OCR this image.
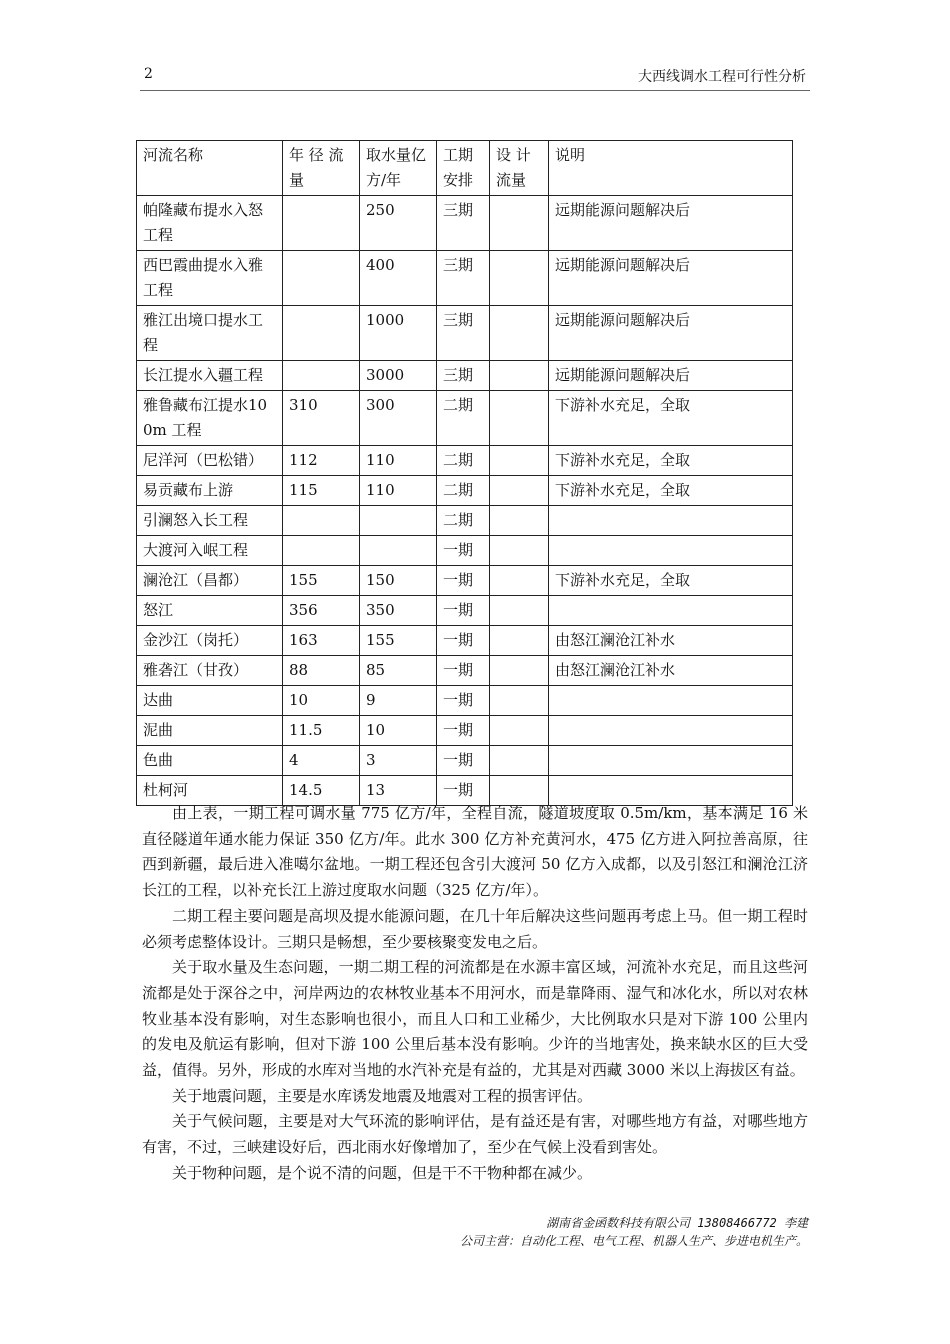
2	大西线调水工程可行性分析
河流名称	年 径 流量	取水量亿方/年	工期安排	设 计流量	说明
帕隆藏布提水入怒工程		250	三期		远期能源问题解决后
西巴霞曲提水入雅工程		400	三期		远期能源问题解决后
雅江出境口提水工程		1000	三期		远期能源问题解决后
长江提水入疆工程		3000	三期		远期能源问题解决后
雅鲁藏布江提水100m 工程	310	300	二期		下游补水充足，全取
尼洋河（巴松错）	112	110	二期		下游补水充足，全取
易贡藏布上游	115	110	二期		下游补水充足，全取
引澜怒入长工程			二期		
大渡河入岷工程			一期		
澜沧江（昌都）	155	150	一期		下游补水充足，全取
怒江	356	350	一期		
金沙江（岗托）	163	155	一期		由怒江澜沧江补水
雅砻江（甘孜）	88	85	一期		由怒江澜沧江补水
达曲	10	9	一期		
泥曲	11.5	10	一期		
色曲	4	3	一期		
杜柯河	14.5	13	一期		

由上表，一期工程可调水量 775 亿方/年，全程自流，隧道坡度取 0.5m/km，基本满足 16 米直径隧道年通水能力保证 350 亿方/年。此水 300 亿方补充黄河水，475 亿方进入阿拉善高原，往西到新疆，最后进入准噶尔盆地。一期工程还包含引大渡河 50 亿方入成都，以及引怒江和澜沧江济长江的工程，以补充长江上游过度取水问题（325 亿方/年）。

二期工程主要问题是高坝及提水能源问题，在几十年后解决这些问题再考虑上马。但一期工程时必须考虑整体设计。三期只是畅想，至少要核聚变发电之后。

关于取水量及生态问题，一期二期工程的河流都是在水源丰富区域，河流补水充足，而且这些河流都是处于深谷之中，河岸两边的农林牧业基本不用河水，而是靠降雨、湿气和冰化水，所以对农林牧业基本没有影响，对生态影响也很小，而且人口和工业稀少，大比例取水只是对下游 100 公里内的发电及航运有影响，但对下游 100 公里后基本没有影响。少许的当地害处，换来缺水区的巨大受益，值得。另外，形成的水库对当地的水汽补充是有益的，尤其是对西藏 3000 米以上海拔区有益。

关于地震问题，主要是水库诱发地震及地震对工程的损害评估。

关于气候问题，主要是对大气环流的影响评估，是有益还是有害，对哪些地方有益，对哪些地方有害，不过，三峡建设好后，西北雨水好像增加了，至少在气候上没看到害处。

关于物种问题，是个说不清的问题，但是干不干物种都在减少。

湖南省金函数科技有限公司 13808466772 李建
公司主营：自动化工程、电气工程、机器人生产、步进电机生产。
